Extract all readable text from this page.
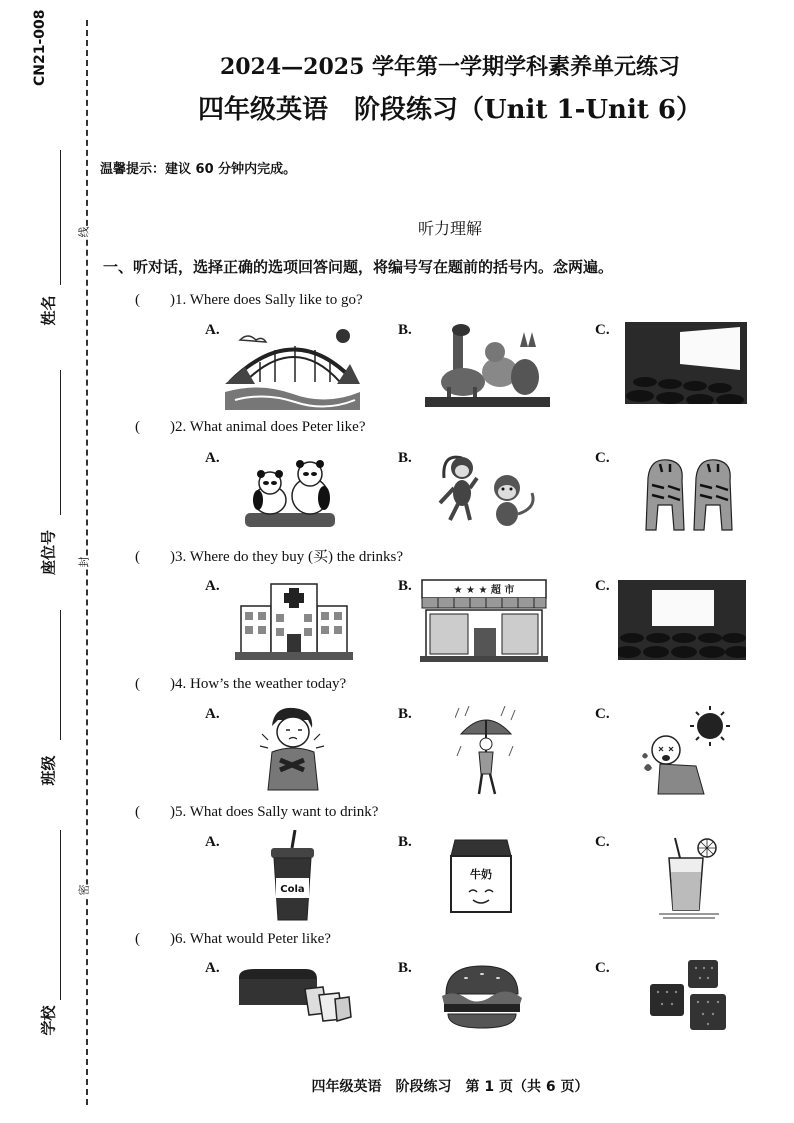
CN21-008
姓名
座位号
班级
学校
线
封
密
2024—2025 学年第一学期学科素养单元练习
四年级英语　阶段练习（Unit 1-Unit 6）
温馨提示：建议 60 分钟内完成。
听力理解
一、听对话，选择正确的选项回答问题，将编号写在题前的括号内。念两遍。
(　　)1. Where does Sally like to go?
A.	B.	C.
(　　)2. What animal does Peter like?
A.	B.	C.
(　　)3. Where do they buy (买) the drinks?
A.	B.	C.
★ ★ ★ 超 市
(　　)4. How’s the weather today?
A.	B.	C.
(　　)5. What does Sally want to drink?
A.	B.	C.
Cola
牛奶
(　　)6. What would Peter like?
A.	B.	C.
四年级英语　阶段练习　第 1 页（共 6 页）
